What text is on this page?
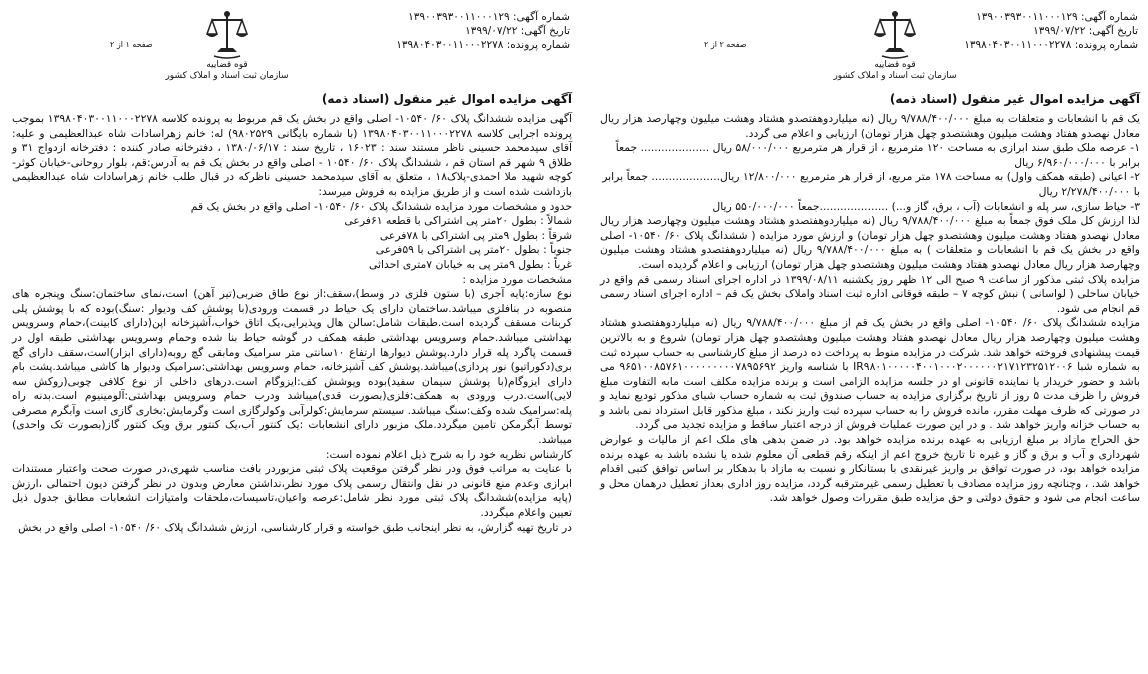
شماره آگهی: ۱۳۹۰۰۳۹۳۰۰۱۱۰۰۰۱۲۹
تاریخ آگهی: ۱۳۹۹/۰۷/۲۲
شماره پرونده: ۱۳۹۸۰۴۰۳۰۰۱۱۰۰۰۲۲۷۸
قوه قضاییه
سازمان ثبت اسناد و املاک کشور
صفحه ۱ از ۲
آگهی مزایده اموال غیر منقول (اسناد ذمه)

آگهی مزایده ششدانگ پلاک ۶۰/ ۱۰۵۴۰- اصلی واقع در بخش یک قم مربوط به پرونده کلاسه ۱۳۹۸۰۴۰۳۰۰۱۱۰۰۰۲۲۷۸ بموجب پرونده اجرایی کلاسه ۱۳۹۸۰۴۰۳۰۰۱۱۰۰۰۲۲۷۸ (با شماره بایگانی ۹۸۰۲۵۲۹) له: خانم زهراسادات شاه عبدالعظیمی و علیه: آقای سیدمحمد حسینی ناظر مستند سند : ۱۶۰۲۳ ، تاریخ سند : ۱۳۸۰/۰۶/۱۷ ، دفترخانه صادر کننده : دفترخانه ازدواج ۳۱ و طلاق ۹ شهر قم استان قم ، ششدانگ پلاک ۶۰/ ۱۰۵۴۰ - اصلی واقع در بخش یک قم به آدرس:قم، بلوار روحانی-خیابان کوثر-کوچه شهید ملا احمدی-پلاک۱۸ ، متعلق به آقای سیدمحمد حسینی ناظرکه در قبال طلب خانم زهراسادات شاه عبدالعظیمی بازداشت شده است و از طریق مزایده به فروش میرسد:

حدود و مشخصات مورد مزایده ششدانگ پلاک ۶۰/ ۱۰۵۴۰- اصلی واقع در بخش یک قم

شمالاً : بطول ۲۰متر پی اشتراکی با قطعه ۶۱فرعی

شرقاً : بطول ۹متر پی اشتراکی با ۷۸فرعی

جنوباً : بطول ۲۰متر پی اشتراکی با ۵۹فرعی

غرباً : بطول ۹متر پی به خیابان ۷متری احداثی

مشخصات مورد مزایده :

نوع سازه:پایه آجری (با ستون فلزی در وسط)،سقف:از نوع طاق ضربی(تیر آهن) است،نمای ساختمان:سنگ وپنجره های منصوبه در بنافلزی میباشد.ساختمان دارای یک حیاط در قسمت ورودی(با پوشش کف ودیوار :سنگ)بوده که با پوشش پلی کربنات مسقف گردیده است.طبقات شامل:سالن هال وپذیرایی،یک اتاق خواب،آشپزخانه اپن(دارای کابینت)،حمام وسرویس بهداشتی میباشد.حمام وسرویس بهداشتی طبقه همکف در گوشه حیاط بنا شده وحمام وسرویس بهداشتی طبقه اول در قسمت پاگرد پله قرار دارد.پوشش دیوارها ارتفاع ۱۰سانتی متر سرامیک ومابقی گچ روبه(دارای ابزار)است،سقف دارای گچ بری(دکوراتیو) نور پردازی)میباشد.پوشش کف آشپزخانه، حمام وسرویس بهداشتی:سرامیک ودیوار ها کاشی میباشد.پشت بام دارای ایزوگام(با پوشش سیمان سفید)بوده وپوشش کف:ایزوگام است.درهای داخلی از نوع کلافی چوبی(روکش سه لایی)است.درب ورودی به همکف:فلزی(بصورت قدی)میباشد ودرب حمام وسرویس بهداشتی:آلومینیوم است.بدنه راه پله:سرامیک شده وکف:سنگ میباشد. سیستم سرمایش:کولرآبی وکولرگازی است وگرمایش:بخاری گازی است وآبگرم مصرفی توسط آبگرمکن تامین میگردد.ملک مزبور دارای انشعابات :یک کنتور آب،یک کنتور برق ویک کنتور گاز(بصورت تک واحدی) میباشد.

کارشناس نظریه خود را به شرح ذیل اعلام نموده است:

با عنایت به مراتب فوق ودر نظر گرفتن موقعیت پلاک ثبتی مزبوردر بافت مناسب شهری،در صورت صحت واعتبار مستندات ابرازی وعدم منع قانونی در نقل وانتقال رسمی پلاک مورد نظر،نداشتن معارض وبدون در نظر گرفتن دیون احتمالی ،ارزش (پایه مزایده)ششدانگ پلاک ثبتی مورد نظر شامل:عرصه واعیان،تاسیسات،ملحقات وامتیازات انشعابات مطابق جدول ذیل تعیین واعلام میگردد.

در تاریخ تهیه گزارش، به نظر اینجانب طبق خواسته و قرار کارشناسی، ارزش ششدانگ پلاک ۶۰/ ۱۰۵۴۰- اصلی واقع در بخش

شماره آگهی: ۱۳۹۰۰۳۹۳۰۰۱۱۰۰۰۱۲۹
تاریخ آگهی: ۱۳۹۹/۰۷/۲۲
شماره پرونده: ۱۳۹۸۰۴۰۳۰۰۱۱۰۰۰۲۲۷۸
قوه قضاییه
سازمان ثبت اسناد و املاک کشور
صفحه ۲ از ۲
آگهی مزایده اموال غیر منقول (اسناد ذمه)

یک قم با انشعابات و متعلقات به مبلغ ۹/۷۸۸/۴۰۰/۰۰۰ ریال (نه میلیاردوهفتصدو هشتاد وهشت میلیون وچهارصد هزار ریال معادل نهصدو هفتاد وهشت میلیون وهشتصدو چهل هزار تومان) ارزیابی و اعلام می گردد.

۱- عرصه ملک طبق سند ابرازی به مساحت ۱۲۰ مترمربع ، از قرار هر مترمربع ۵۸/۰۰۰/۰۰۰ ریال .................... جمعاً برابر با ۶/۹۶۰/۰۰۰/۰۰۰ ریال

۲- اعیانی (طبقه همکف واول) به مساحت ۱۷۸ متر مربع، از قرار هر مترمربع ۱۲/۸۰۰/۰۰۰ ریال.................... جمعاً برابر با ۲/۲۷۸/۴۰۰/۰۰۰ ریال

۳- حیاط سازی، سر پله و انشعابات (آب ، برق، گاز و...) ....................جمعاً ۵۵۰/۰۰۰/۰۰۰ ریال

لذا ارزش کل ملک فوق جمعاً به مبلغ ۹/۷۸۸/۴۰۰/۰۰۰ ریال (نه میلیاردوهفتصدو هشتاد وهشت میلیون وچهارصد هزار ریال معادل نهصدو هفتاد وهشت میلیون وهشتصدو چهل هزار تومان) و ارزش مورد مزایده ( ششدانگ پلاک ۶۰/ ۱۰۵۴۰- اصلی واقع در بخش یک قم با انشعابات و متعلقات ) به مبلغ ۹/۷۸۸/۴۰۰/۰۰۰ ریال (نه میلیاردوهفتصدو هشتاد وهشت میلیون وچهارصد هزار ریال معادل نهصدو هفتاد وهشت میلیون وهشتصدو چهل هزار تومان) ارزیابی و اعلام گردیده است.

مزایده پلاک ثبتی مذکور از ساعت ۹ صبح الی ۱۲ ظهر روز یکشنبه ۱۳۹۹/۰۸/۱۱ در اداره اجرای اسناد رسمی قم واقع در خیابان ساحلی ( لواسانی ) نبش کوچه ۷ – طبقه فوقانی اداره ثبت اسناد واملاک بخش یک قم – اداره اجرای اسناد رسمی قم انجام می شود.

مزایده ششدانگ پلاک ۶۰/ ۱۰۵۴۰- اصلی واقع در بخش یک قم از مبلغ ۹/۷۸۸/۴۰۰/۰۰۰ ریال (نه میلیاردوهفتصدو هشتاد وهشت میلیون وچهارصد هزار ریال معادل نهصدو هفتاد وهشت میلیون وهشتصدو چهل هزار تومان) شروع و به بالاترین قیمت پیشنهادی فروخته خواهد شد. شرکت در مزایده منوط به پرداخت ده درصد از مبلغ کارشناسی به حساب سپرده ثبت به شماره شبا IR۹۸۰۱۰۰۰۰۰۴۰۰۱۰۰۰۲۰۰۰۰۰۰۲۱۷۱۲۳۲۵۱۲۰۰۶ با شناسه واریز ۹۶۵۱۰۰۸۵۷۶۱۰۰۰۰۰۰۰۰۰۷۸۹۵۶۹۲ می باشد و حضور خریدار یا نماینده قانونی او در جلسه مزایده الزامی است و برنده مزایده مکلف است مابه التفاوت مبلغ فروش را ظرف مدت ۵ روز از تاریخ برگزاری مزایده به حساب صندوق ثبت به شماره حساب شبای مذکور تودیع نماید و در صورتی که ظرف مهلت مقرر، مانده فروش را به حساب سپرده ثبت واریز نکند ، مبلغ مذکور قابل استرداد نمی باشد و به حساب خزانه واریز خواهد شد . و در این صورت عملیات فروش از درجه اعتبار ساقط و مزایده تجدید می گردد.

حق الحراج مازاد بر مبلغ ارزیابی به عهده برنده مزایده خواهد بود. در ضمن بدهی های ملک اعم از مالیات و عوارض شهرداری و آب و برق و گاز و غیره تا تاریخ خروج اعم از اینکه رقم قطعی آن معلوم شده یا نشده باشد به عهده برنده مزایده خواهد بود، در صورت توافق بر واریز غیرنقدی با بستانکار و نسبت به مازاد با بدهکار بر اساس توافق کتبی اقدام خواهد شد. ، وچنانچه روز مزایده مصادف با تعطیل رسمی غیرمترقبه گردد، مزایده روز اداری بعداز تعطیل درهمان محل و ساعت انجام می شود و حقوق دولتی و حق مزایده طبق مقررات وصول خواهد شد.
